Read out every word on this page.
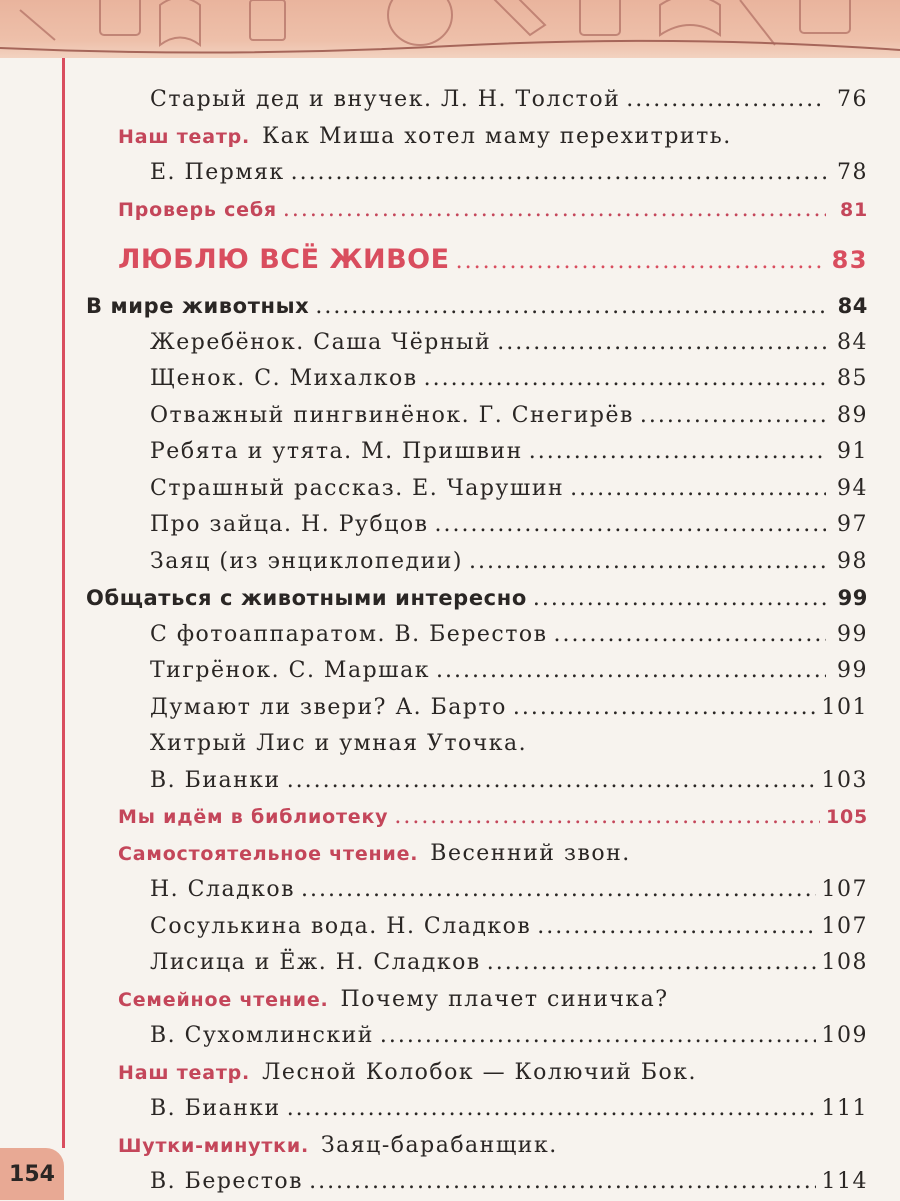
Старый дед и внучек. Л. Н. Толстой .....	76
Наш театр. Как Миша хотел маму перехитрить.
Е. Пермяк .....	78
Проверь себя .....	81
ЛЮБЛЮ ВСЁ ЖИВОЕ .....	83
В мире животных .....	84
Жеребёнок. Саша Чёрный .....	84
Щенок. С. Михалков .....	85
Отважный пингвинёнок. Г. Снегирёв .....	89
Ребята и утята. М. Пришвин .....	91
Страшный рассказ. Е. Чарушин .....	94
Про зайца. Н. Рубцов .....	97
Заяц (из энциклопедии) .....	98
Общаться с животными интересно .....	99
С фотоаппаратом. В. Берестов .....	99
Тигрёнок. С. Маршак .....	99
Думают ли звери? А. Барто .....	101
Хитрый Лис и умная Уточка.
В. Бианки .....	103
Мы идём в библиотеку .....	105
Самостоятельное чтение. Весенний звон.
Н. Сладков .....	107
Сосулькина вода. Н. Сладков .....	107
Лисица и Ёж. Н. Сладков .....	108
Семейное чтение. Почему плачет синичка?
В. Сухомлинский .....	109
Наш театр. Лесной Колобок — Колючий Бок.
В. Бианки .....	111
Шутки-минутки. Заяц-барабанщик.
В. Берестов .....	114
154
